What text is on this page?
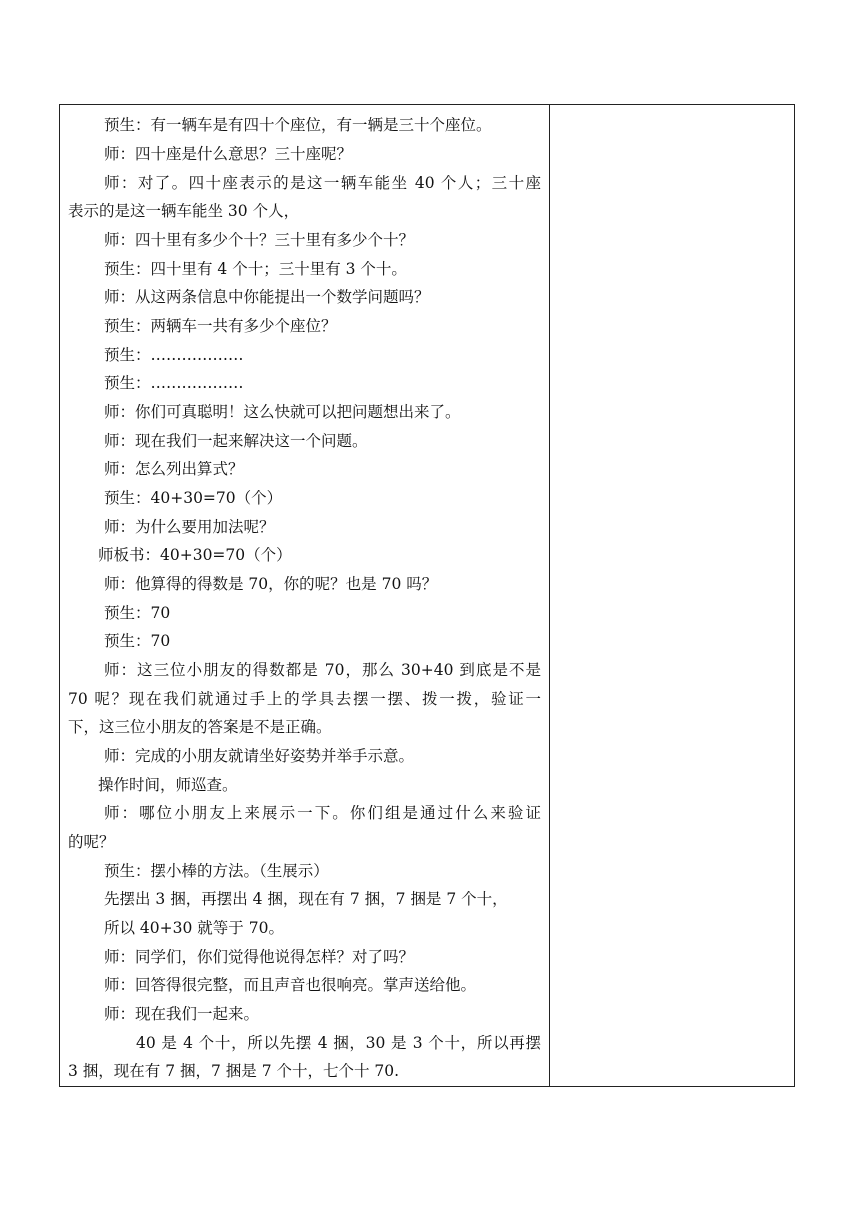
预生：有一辆车是有四十个座位，有一辆是三十个座位。
师：四十座是什么意思？三十座呢？
师：对了。四十座表示的是这一辆车能坐 40 个人；三十座
表示的是这一辆车能坐 30 个人，
师：四十里有多少个十？三十里有多少个十？
预生：四十里有 4 个十；三十里有 3 个十。
师：从这两条信息中你能提出一个数学问题吗？
预生：两辆车一共有多少个座位？
预生：………………
预生：………………
师：你们可真聪明！这么快就可以把问题想出来了。
师：现在我们一起来解决这一个问题。
师：怎么列出算式？
预生：40+30=70（个）
师：为什么要用加法呢？
师板书：40+30=70（个）
师：他算得的得数是 70，你的呢？也是 70 吗？
预生：70
预生：70
师：这三位小朋友的得数都是 70，那么 30+40 到底是不是
70 呢？现在我们就通过手上的学具去摆一摆、拨一拨，验证一
下，这三位小朋友的答案是不是正确。
师：完成的小朋友就请坐好姿势并举手示意。
操作时间，师巡查。
师：哪位小朋友上来展示一下。你们组是通过什么来验证
的呢？
预生：摆小棒的方法。（生展示）
先摆出 3 捆，再摆出 4 捆，现在有 7 捆，7 捆是 7 个十，
所以 40+30 就等于 70。
师：同学们，你们觉得他说得怎样？对了吗？
师：回答得很完整，而且声音也很响亮。掌声送给他。
师：现在我们一起来。
40 是 4 个十，所以先摆 4 捆，30 是 3 个十，所以再摆
3 捆，现在有 7 捆，7 捆是 7 个十，七个十 70.
